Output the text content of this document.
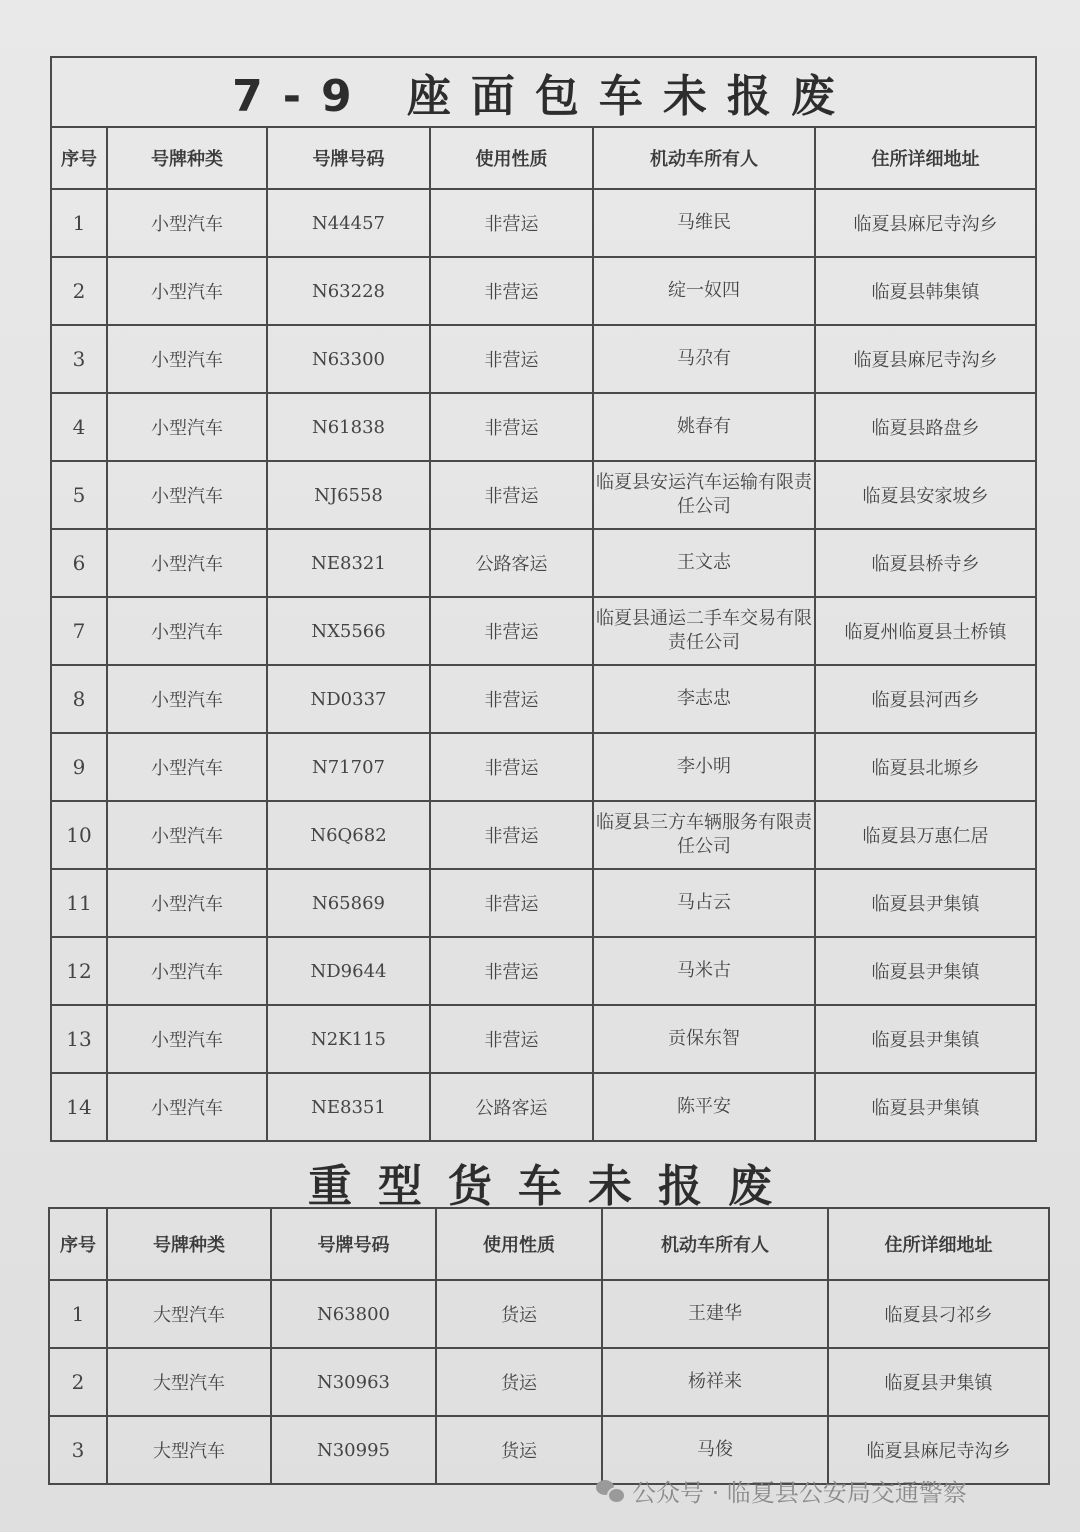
7-9 座面包车未报废					
序号	号牌种类	号牌号码	使用性质	机动车所有人	住所详细地址
1	小型汽车	N44457	非营运	马维民	临夏县麻尼寺沟乡
2	小型汽车	N63228	非营运	绽一奴四	临夏县韩集镇
3	小型汽车	N63300	非营运	马尕有	临夏县麻尼寺沟乡
4	小型汽车	N61838	非营运	姚春有	临夏县路盘乡
5	小型汽车	NJ6558	非营运	临夏县安运汽车运输有限责任公司	临夏县安家坡乡
6	小型汽车	NE8321	公路客运	王文志	临夏县桥寺乡
7	小型汽车	NX5566	非营运	临夏县通运二手车交易有限责任公司	临夏州临夏县土桥镇
8	小型汽车	ND0337	非营运	李志忠	临夏县河西乡
9	小型汽车	N71707	非营运	李小明	临夏县北塬乡
10	小型汽车	N6Q682	非营运	临夏县三方车辆服务有限责任公司	临夏县万惠仁居
11	小型汽车	N65869	非营运	马占云	临夏县尹集镇
12	小型汽车	ND9644	非营运	马米古	临夏县尹集镇
13	小型汽车	N2K115	非营运	贡保东智	临夏县尹集镇
14	小型汽车	NE8351	公路客运	陈平安	临夏县尹集镇
重型货车未报废
序号	号牌种类	号牌号码	使用性质	机动车所有人	住所详细地址
1	大型汽车	N63800	货运	王建华	临夏县刁祁乡
2	大型汽车	N30963	货运	杨祥来	临夏县尹集镇
3	大型汽车	N30995	货运	马俊	临夏县麻尼寺沟乡
公众号 · 临夏县公安局交通警察
